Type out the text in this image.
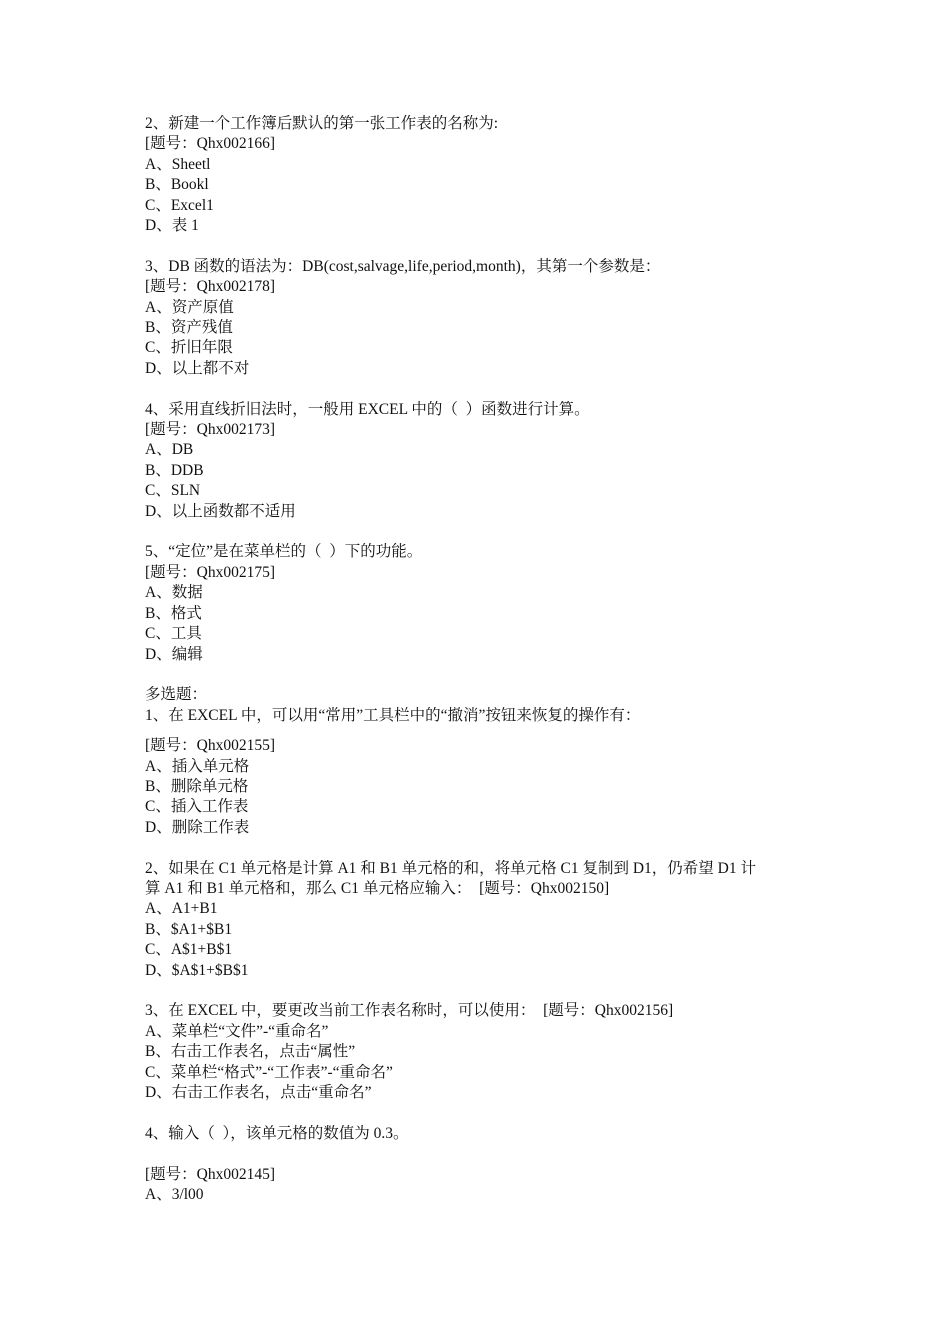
2、新建一个工作簿后默认的第一张工作表的名称为:
[题号：Qhx002166]
A、Sheetl
B、Bookl
C、Excel1
D、表 1
3、DB 函数的语法为：DB(cost,salvage,life,period,month)，其第一个参数是：
[题号：Qhx002178]
A、资产原值
B、资产残值
C、折旧年限
D、以上都不对
4、采用直线折旧法时，一般用 EXCEL 中的（  ）函数进行计算。
[题号：Qhx002173]
A、DB
B、DDB
C、SLN
D、以上函数都不适用
5、“定位”是在菜单栏的（  ）下的功能。
[题号：Qhx002175]
A、数据
B、格式
C、工具
D、编辑
多选题：
1、在 EXCEL 中，可以用“常用”工具栏中的“撤消”按钮来恢复的操作有：
[题号：Qhx002155]
A、插入单元格
B、删除单元格
C、插入工作表
D、删除工作表
2、如果在 C1 单元格是计算 A1 和 B1 单元格的和，将单元格 C1 复制到 D1，仍希望 D1 计
算 A1 和 B1 单元格和，那么 C1 单元格应输入：  [题号：Qhx002150]
A、A1+B1
B、$A1+$B1
C、A$1+B$1
D、$A$1+$B$1
3、在 EXCEL 中，要更改当前工作表名称时，可以使用：  [题号：Qhx002156]
A、菜单栏“文件”-“重命名”
B、右击工作表名，点击“属性”
C、菜单栏“格式”-“工作表”-“重命名”
D、右击工作表名，点击“重命名”
4、输入（  ），该单元格的数值为 0.3。
[题号：Qhx002145]
A、3/l00
